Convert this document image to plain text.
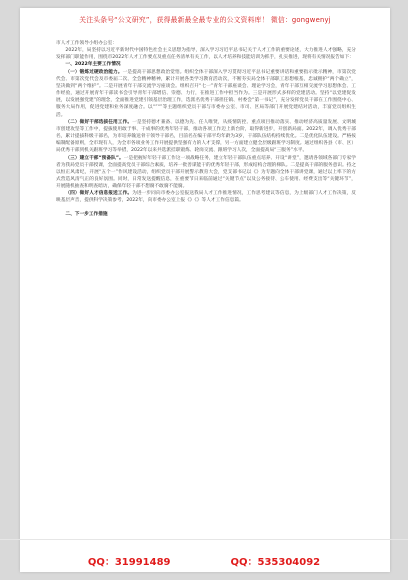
关注头条号“公文研究”，获得最新最全最专业的公文资料库！ 微信：gongwenyj

市人才工作领导小组办公室：

2022年，局坚持以习近平新时代中国特色社会主义思想为指导，深入学习习近平总书记关于人才工作的重要论述，大力推进人才强略，充分发挥部门职能作用，围绕市2022年人才工作要点及重点任务清单有关工作，以人才培养和技能培训为抓手，扎实推进，现将有关情况报告如下：

一、2022年主要工作情况

（一）锻炼过硬政治能力。一是提高干部思想政治觉悟。组织全体干部深入学习贯彻习近平总书记重要讲话和重要指示批示精神，市第次党代会、市第次党代会及市委届二次、全会精神精神，累计开展各类学习教育活动次，不断夯实局全体干部职工思想根基，忠诚拥护“两个确立”，坚决做到“两个维护”。二是开展青年干部交流学习座谈会。组织召开“七一”青年干部座谈会、理论学习会，青年干部互相交流学习思想体会、工作经验，通过开展青年干部读书会引导青年干部增信、崇德、力行，在推进工作中担当作为。三是开展形式多样的党建活动。坚持“以党建促发展，以发展强党建”的理念，全面推进党建引领基层治理工作，选派名优秀干部担任镇、村委会“第一书记”，充分发挥党员干部在工作围绕中心、服务大局作用，促进党建和业务深度融合。以“”“”等主题组织党员干部与市委办公室、市司、区局等部门开展党建结对活动，丰富党员组织生活。

（二）做好干部选拔任用工作。一是坚持德才兼备、以德为先、任人唯贤，从疫情防控、重点项目推动落实、推动经济高质量发展、文明城市创建攻坚等工作中，提拔使用敢于事、干成事的优秀年轻干部，推动各项工作迈上新台阶，取得新进步，开创新局面。2022年，调入优秀干部名，累计提拔科级干部名，为市培养输送骨干领导干部名，目前名在编干部平均年龄为3岁，干部队伍结构持续优化。二是优化队伍建设。严格按编制配备原则，全市现有人，为全市各项业务工作开展提供坚强有力的人才支撑，另一方面建立健全层级跟班学习制度。通过组织各县（市、区）局优秀干部到机关跟班学习等举措，2022年以来共选派挂职锻炼、轮岗交流、跟班学习人次，全面提高局“三服务”水平。

（三）建立干部“预备队”。一是把握好年轻干部工作这一项战略任务，建立年轻干部队伍重点培养、开设“讲堂”，邀请各领域各部门专家学者为我局党员干部授课，全面提高党员干部综合素质，培养一批善谋能干的优秀年轻干部，形成结构合理的梯队。二是提高干部的服务意识。持之以恒正风肃纪，开展“五个一”作风建设活动，组织党员干部开展警示教育大会，党支部书记以《》为专题向全体干部讲党课，通过以上率下的方式营造风清气正的良好氛围。同时，日常发送提醒信息，在重要节日来临前通过“关键节点”以及公务接待、公车使用、经费支出等“关键环节”，开展随机抽查和明查暗访，确保年轻干部不想腐不敢腐不能腐。

（四）做好人才信息报送工作。为进一步同向市委办公室报送我局人才工作推进情况，工作思考建议等信息，为上级部门人才工作决策，反映基层声音，提供科学决策参考，2022年，向市委办公室上报《》《》等人才工作信息篇。

二、下一步工作措施

QQ：31991489	QQ：535304092
